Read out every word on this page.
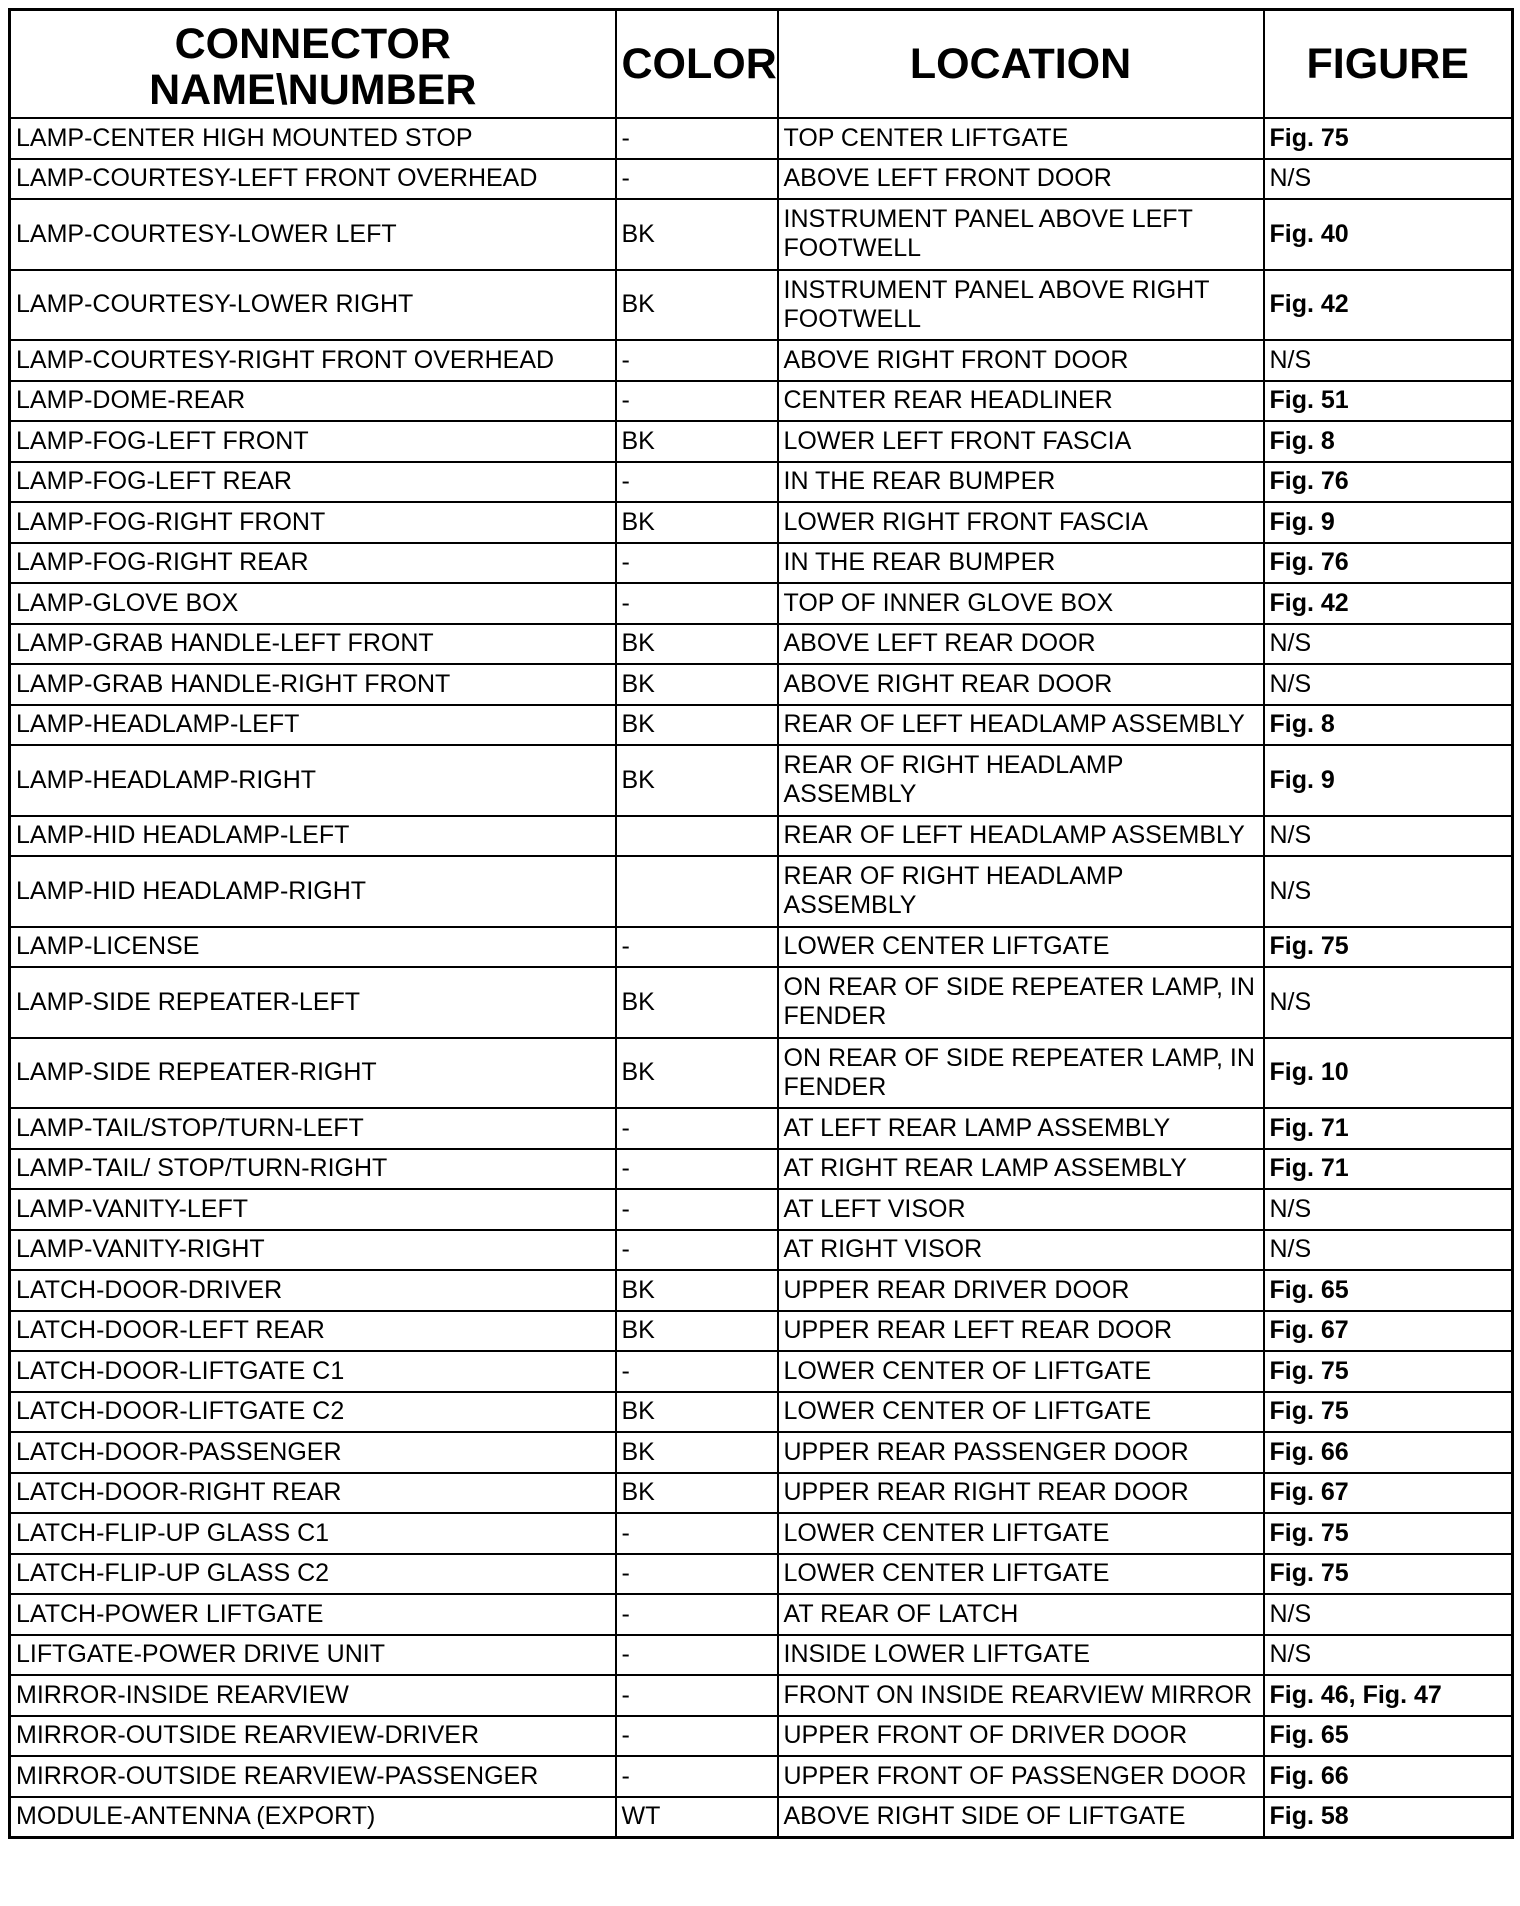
CONNECTOR NAME\NUMBER	COLOR	LOCATION	FIGURE
LAMP-CENTER HIGH MOUNTED STOP	-	TOP CENTER LIFTGATE	Fig. 75
LAMP-COURTESY-LEFT FRONT OVERHEAD	-	ABOVE LEFT FRONT DOOR	N/S
LAMP-COURTESY-LOWER LEFT	BK	INSTRUMENT PANEL ABOVE LEFT FOOTWELL	Fig. 40
LAMP-COURTESY-LOWER RIGHT	BK	INSTRUMENT PANEL ABOVE RIGHT FOOTWELL	Fig. 42
LAMP-COURTESY-RIGHT FRONT OVERHEAD	-	ABOVE RIGHT FRONT DOOR	N/S
LAMP-DOME-REAR	-	CENTER REAR HEADLINER	Fig. 51
LAMP-FOG-LEFT FRONT	BK	LOWER LEFT FRONT FASCIA	Fig. 8
LAMP-FOG-LEFT REAR	-	IN THE REAR BUMPER	Fig. 76
LAMP-FOG-RIGHT FRONT	BK	LOWER RIGHT FRONT FASCIA	Fig. 9
LAMP-FOG-RIGHT REAR	-	IN THE REAR BUMPER	Fig. 76
LAMP-GLOVE BOX	-	TOP OF INNER GLOVE BOX	Fig. 42
LAMP-GRAB HANDLE-LEFT FRONT	BK	ABOVE LEFT REAR DOOR	N/S
LAMP-GRAB HANDLE-RIGHT FRONT	BK	ABOVE RIGHT REAR DOOR	N/S
LAMP-HEADLAMP-LEFT	BK	REAR OF LEFT HEADLAMP ASSEMBLY	Fig. 8
LAMP-HEADLAMP-RIGHT	BK	REAR OF RIGHT HEADLAMP ASSEMBLY	Fig. 9
LAMP-HID HEADLAMP-LEFT		REAR OF LEFT HEADLAMP ASSEMBLY	N/S
LAMP-HID HEADLAMP-RIGHT		REAR OF RIGHT HEADLAMP ASSEMBLY	N/S
LAMP-LICENSE	-	LOWER CENTER LIFTGATE	Fig. 75
LAMP-SIDE REPEATER-LEFT	BK	ON REAR OF SIDE REPEATER LAMP, IN FENDER	N/S
LAMP-SIDE REPEATER-RIGHT	BK	ON REAR OF SIDE REPEATER LAMP, IN FENDER	Fig. 10
LAMP-TAIL/STOP/TURN-LEFT	-	AT LEFT REAR LAMP ASSEMBLY	Fig. 71
LAMP-TAIL/ STOP/TURN-RIGHT	-	AT RIGHT REAR LAMP ASSEMBLY	Fig. 71
LAMP-VANITY-LEFT	-	AT LEFT VISOR	N/S
LAMP-VANITY-RIGHT	-	AT RIGHT VISOR	N/S
LATCH-DOOR-DRIVER	BK	UPPER REAR DRIVER DOOR	Fig. 65
LATCH-DOOR-LEFT REAR	BK	UPPER REAR LEFT REAR DOOR	Fig. 67
LATCH-DOOR-LIFTGATE C1	-	LOWER CENTER OF LIFTGATE	Fig. 75
LATCH-DOOR-LIFTGATE C2	BK	LOWER CENTER OF LIFTGATE	Fig. 75
LATCH-DOOR-PASSENGER	BK	UPPER REAR PASSENGER DOOR	Fig. 66
LATCH-DOOR-RIGHT REAR	BK	UPPER REAR RIGHT REAR DOOR	Fig. 67
LATCH-FLIP-UP GLASS C1	-	LOWER CENTER LIFTGATE	Fig. 75
LATCH-FLIP-UP GLASS C2	-	LOWER CENTER LIFTGATE	Fig. 75
LATCH-POWER LIFTGATE	-	AT REAR OF LATCH	N/S
LIFTGATE-POWER DRIVE UNIT	-	INSIDE LOWER LIFTGATE	N/S
MIRROR-INSIDE REARVIEW	-	FRONT ON INSIDE REARVIEW MIRROR	Fig. 46, Fig. 47
MIRROR-OUTSIDE REARVIEW-DRIVER	-	UPPER FRONT OF DRIVER DOOR	Fig. 65
MIRROR-OUTSIDE REARVIEW-PASSENGER	-	UPPER FRONT OF PASSENGER DOOR	Fig. 66
MODULE-ANTENNA (EXPORT)	WT	ABOVE RIGHT SIDE OF LIFTGATE	Fig. 58
